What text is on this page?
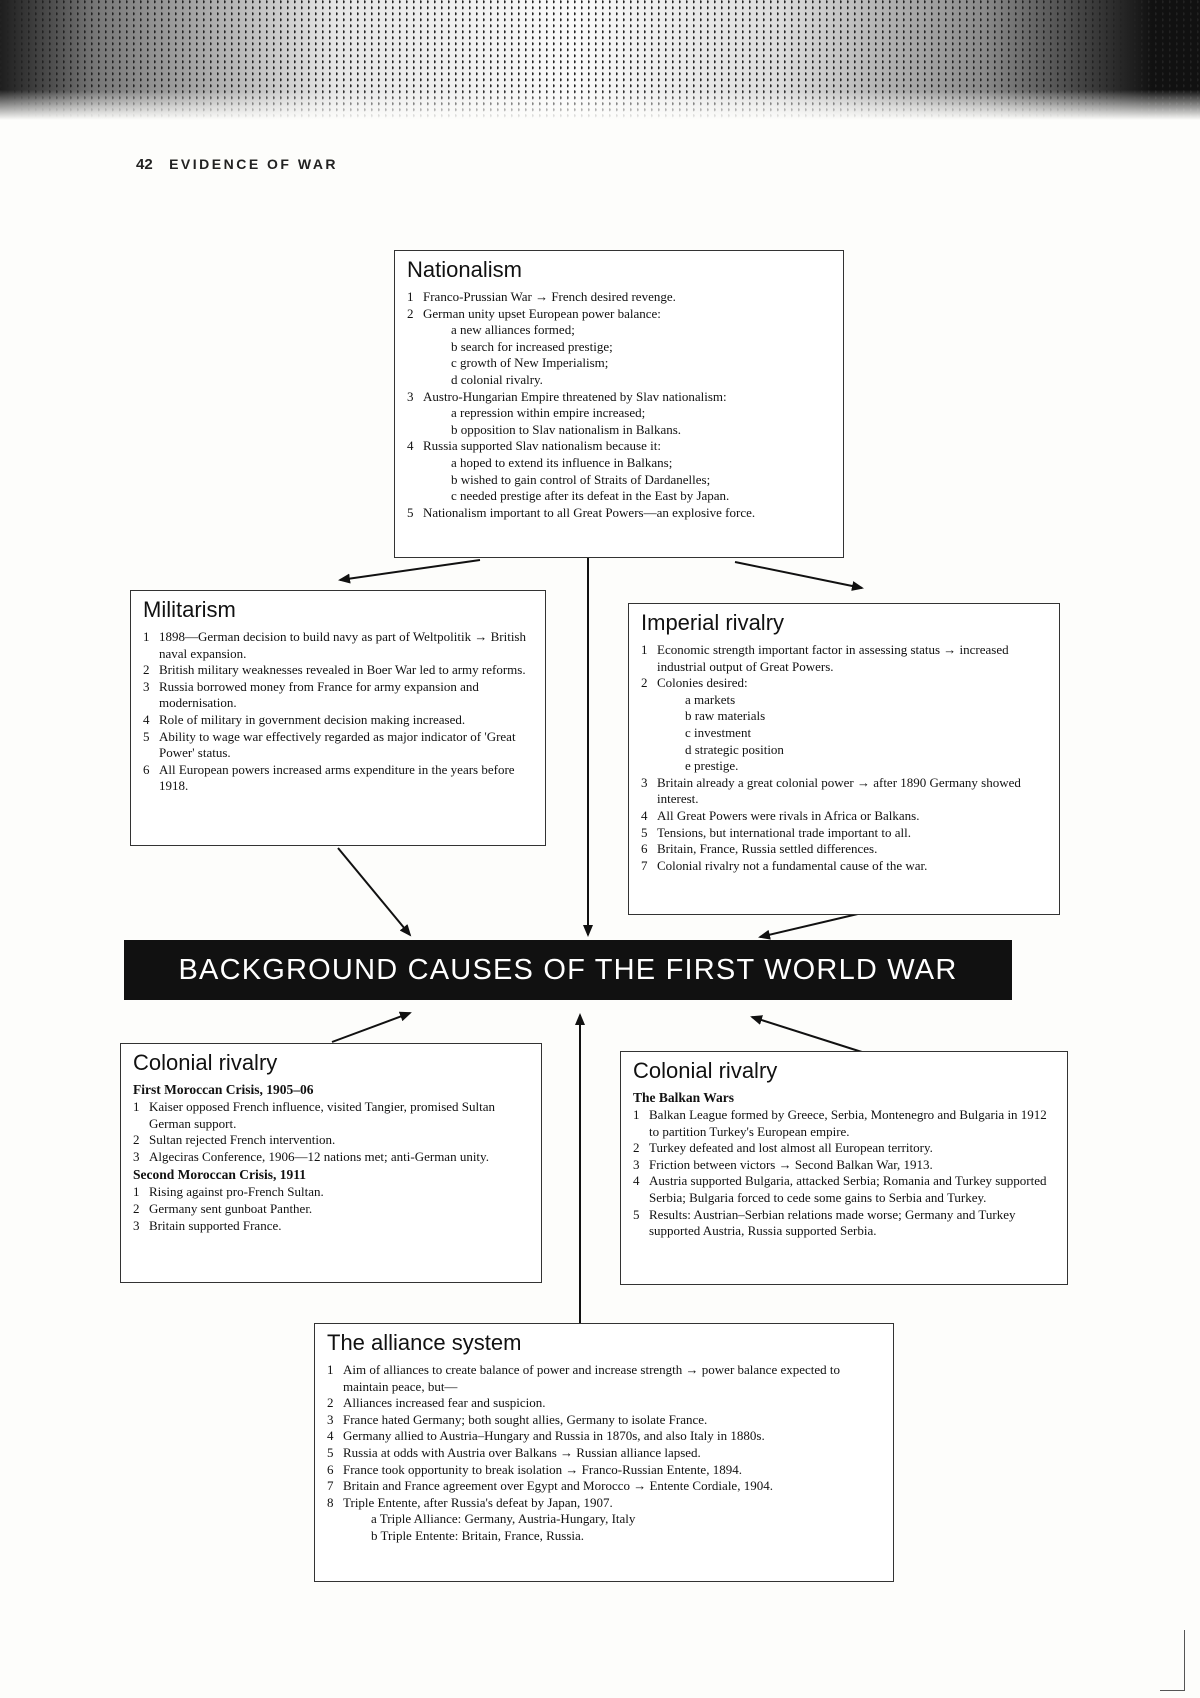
42 EVIDENCE OF WAR
Nationalism
1 Franco-Prussian War → French desired revenge.
2 German unity upset European power balance:
a new alliances formed;
b search for increased prestige;
c growth of New Imperialism;
d colonial rivalry.
3 Austro-Hungarian Empire threatened by Slav nationalism:
a repression within empire increased;
b opposition to Slav nationalism in Balkans.
4 Russia supported Slav nationalism because it:
a hoped to extend its influence in Balkans;
b wished to gain control of Straits of Dardanelles;
c needed prestige after its defeat in the East by Japan.
5 Nationalism important to all Great Powers—an explosive force.
Militarism
1 1898—German decision to build navy as part of Weltpolitik → British naval expansion.
2 British military weaknesses revealed in Boer War led to army reforms.
3 Russia borrowed money from France for army expansion and modernisation.
4 Role of military in government decision making increased.
5 Ability to wage war effectively regarded as major indicator of 'Great Power' status.
6 All European powers increased arms expenditure in the years before 1918.
Imperial rivalry
1 Economic strength important factor in assessing status → increased industrial output of Great Powers.
2 Colonies desired:
a markets
b raw materials
c investment
d strategic position
e prestige.
3 Britain already a great colonial power → after 1890 Germany showed interest.
4 All Great Powers were rivals in Africa or Balkans.
5 Tensions, but international trade important to all.
6 Britain, France, Russia settled differences.
7 Colonial rivalry not a fundamental cause of the war.
BACKGROUND CAUSES OF THE FIRST WORLD WAR
Colonial rivalry
First Moroccan Crisis, 1905–06
1 Kaiser opposed French influence, visited Tangier, promised Sultan German support.
2 Sultan rejected French intervention.
3 Algeciras Conference, 1906—12 nations met; anti-German unity.
Second Moroccan Crisis, 1911
1 Rising against pro-French Sultan.
2 Germany sent gunboat Panther.
3 Britain supported France.
Colonial rivalry
The Balkan Wars
1 Balkan League formed by Greece, Serbia, Montenegro and Bulgaria in 1912 to partition Turkey's European empire.
2 Turkey defeated and lost almost all European territory.
3 Friction between victors → Second Balkan War, 1913.
4 Austria supported Bulgaria, attacked Serbia; Romania and Turkey supported Serbia; Bulgaria forced to cede some gains to Serbia and Turkey.
5 Results: Austrian–Serbian relations made worse; Germany and Turkey supported Austria, Russia supported Serbia.
The alliance system
1 Aim of alliances to create balance of power and increase strength → power balance expected to maintain peace, but—
2 Alliances increased fear and suspicion.
3 France hated Germany; both sought allies, Germany to isolate France.
4 Germany allied to Austria–Hungary and Russia in 1870s, and also Italy in 1880s.
5 Russia at odds with Austria over Balkans → Russian alliance lapsed.
6 France took opportunity to break isolation → Franco-Russian Entente, 1894.
7 Britain and France agreement over Egypt and Morocco → Entente Cordiale, 1904.
8 Triple Entente, after Russia's defeat by Japan, 1907.
a Triple Alliance: Germany, Austria-Hungary, Italy
b Triple Entente: Britain, France, Russia.
